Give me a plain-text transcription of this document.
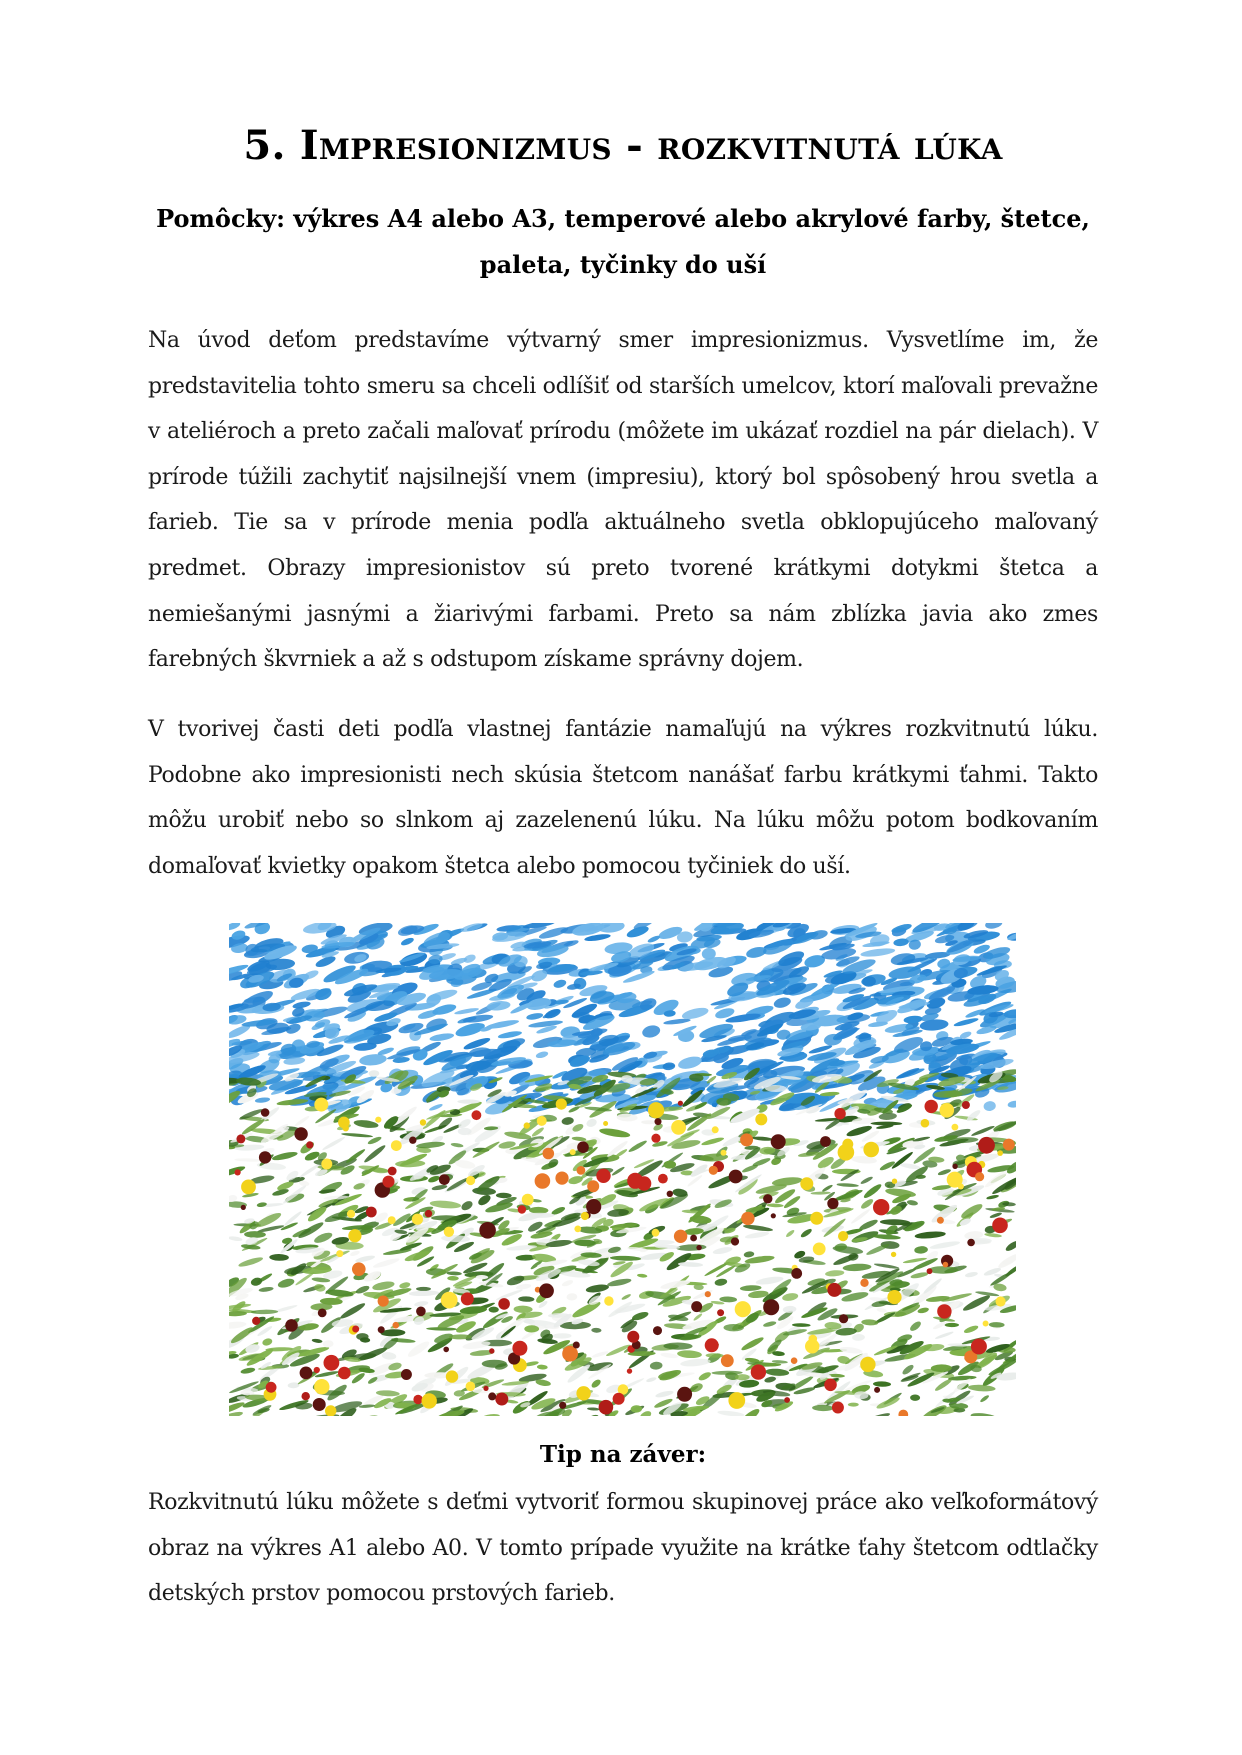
5. Impresionizmus - rozkvitnutá lúka

Pomôcky: výkres A4 alebo A3, temperové alebo akrylové farby, štetce, paleta, tyčinky do uší

Na úvod deťom predstavíme výtvarný smer impresionizmus. Vysvetlíme im, že predstavitelia tohto smeru sa chceli odlíšiť od starších umelcov, ktorí maľovali prevažne v ateliéroch a preto začali maľovať prírodu (môžete im ukázať rozdiel na pár dielach). V prírode túžili zachytiť najsilnejší vnem (impresiu), ktorý bol spôsobený hrou svetla a farieb. Tie sa v prírode menia podľa aktuálneho svetla obklopujúceho maľovaný predmet. Obrazy impresionistov sú preto tvorené krátkymi dotykmi štetca a nemiešanými jasnými a žiarivými farbami. Preto sa nám zblízka javia ako zmes farebných škvrniek a až s odstupom získame správny dojem.

V tvorivej časti deti podľa vlastnej fantázie namaľujú na výkres rozkvitnutú lúku. Podobne ako impresionisti nech skúsia štetcom nanášať farbu krátkymi ťahmi. Takto môžu urobiť nebo so slnkom aj zazelenenú lúku. Na lúku môžu potom bodkovaním domaľovať kvietky opakom štetca alebo pomocou tyčiniek do uší.

Tip na záver:

Rozkvitnutú lúku môžete s deťmi vytvoriť formou skupinovej práce ako veľkoformátový obraz na výkres A1 alebo A0. V tomto prípade využite na krátke ťahy štetcom odtlačky detských prstov pomocou prstových farieb.
